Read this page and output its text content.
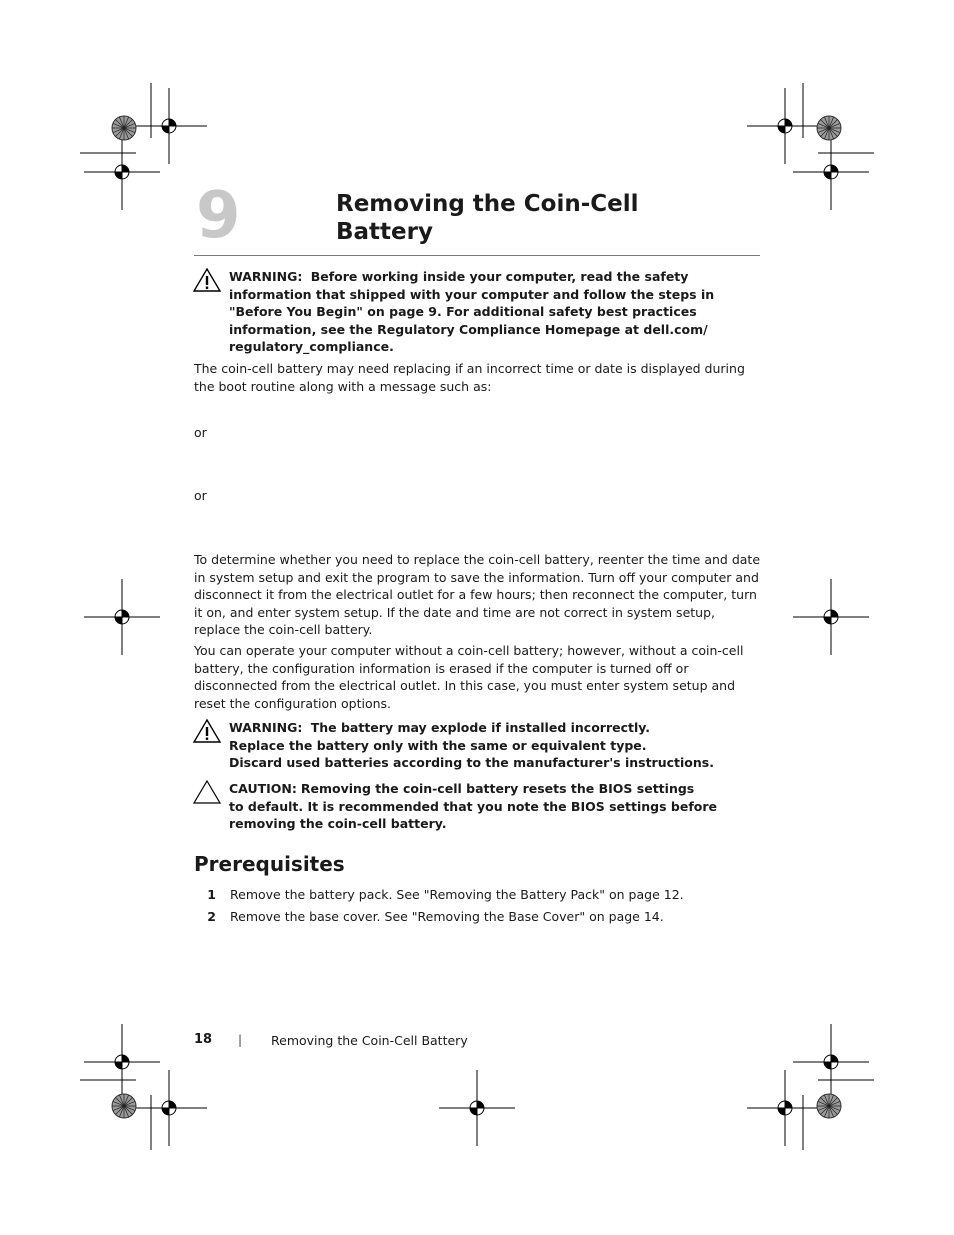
9	Removing the Coin-Cell
Battery
WARNING: Before working inside your computer, read the safety
information that shipped with your computer and follow the steps in
"Before You Begin" on page 9. For additional safety best practices
information, see the Regulatory Compliance Homepage at dell.com/
regulatory_compliance.
The coin-cell battery may need replacing if an incorrect time or date is displayed during the boot routine along with a message such as:
or
or
To determine whether you need to replace the coin-cell battery, reenter the time and date in system setup and exit the program to save the information. Turn off your computer and disconnect it from the electrical outlet for a few hours; then reconnect the computer, turn it on, and enter system setup. If the date and time are not correct in system setup, replace the coin-cell battery.
You can operate your computer without a coin-cell battery; however, without a coin-cell battery, the configuration information is erased if the computer is turned off or disconnected from the electrical outlet. In this case, you must enter system setup and reset the configuration options.
WARNING: The battery may explode if installed incorrectly.
Replace the battery only with the same or equivalent type.
Discard used batteries according to the manufacturer's instructions.
CAUTION: Removing the coin-cell battery resets the BIOS settings
to default. It is recommended that you note the BIOS settings before
removing the coin-cell battery.
Prerequisites
1 Remove the battery pack. See "Removing the Battery Pack" on page 12.
2 Remove the base cover. See "Removing the Base Cover" on page 14.
18 | Removing the Coin-Cell Battery
